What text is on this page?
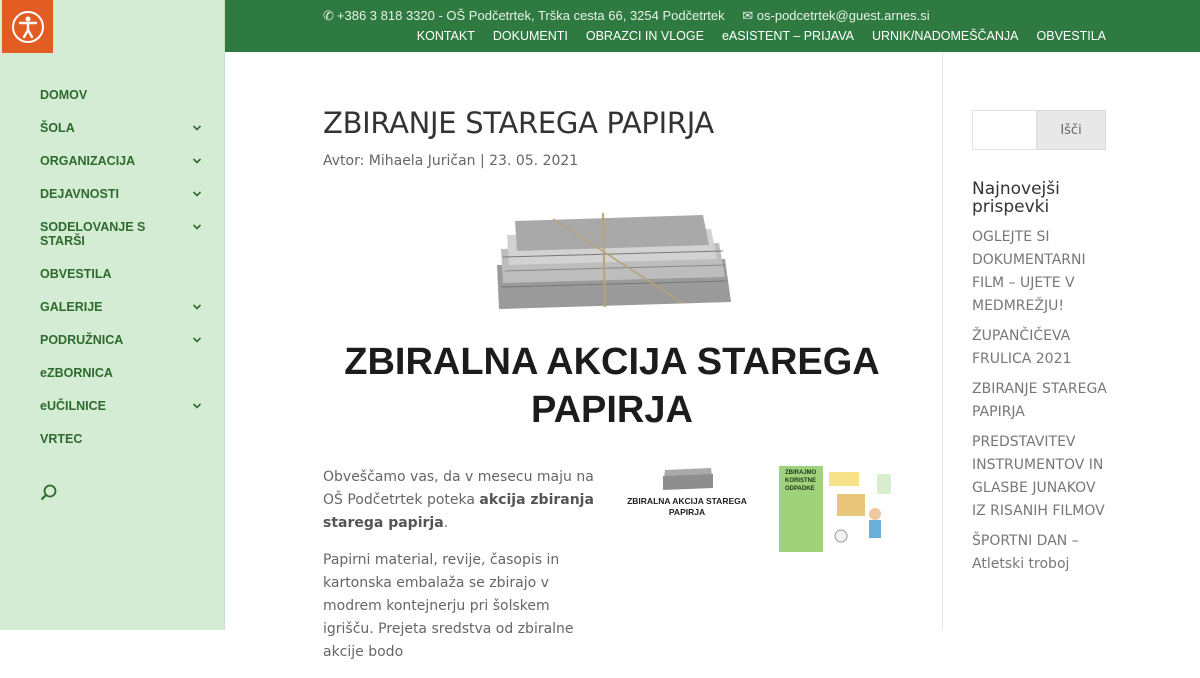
DOMOV
ŠOLA
ORGANIZACIJA
DEJAVNOSTI
SODELOVANJE S STARŠI
OBVESTILA
GALERIJE
PODRUŽNICA
eZBORNICA
eUČILNICE
VRTEC
✆ +386 3 818 3320 - OŠ Podčetrtek, Trška cesta 66, 3254 Podčetrtek ✉ os-podcetrtek@guest.arnes.si
KONTAKT DOKUMENTI OBRAZCI IN VLOGE eASISTENT – PRIJAVA URNIK/NADOMEŠČANJA OBVESTILA
ZBIRANJE STAREGA PAPIRJA
Avtor: Mihaela Juričan | 23. 05. 2021
ZBIRALNA AKCIJA STAREGA
PAPIRJA

Obveščamo vas, da v mesecu maju na OŠ Podčetrtek poteka akcija zbiranja starega papirja.

Papirni material, revije, časopis in kartonska embalaža se zbirajo v modrem kontejnerju pri šolskem igrišču. Prejeta sredstva od zbiralne akcije bodo

ZBIRALNA AKCIJA STAREGA PAPIRJA
ZBIRAJMO
KORISTNE
ODPADKE
Išči
Najnovejši prispevki
OGLEJTE SI DOKUMENTARNI FILM – UJETE V MEDMREŽJU!
ŽUPANČIČEVA FRULICA 2021
ZBIRANJE STAREGA PAPIRJA
PREDSTAVITEV INSTRUMENTOV IN GLASBE JUNAKOV IZ RISANIH FILMOV
ŠPORTNI DAN – Atletski troboj
